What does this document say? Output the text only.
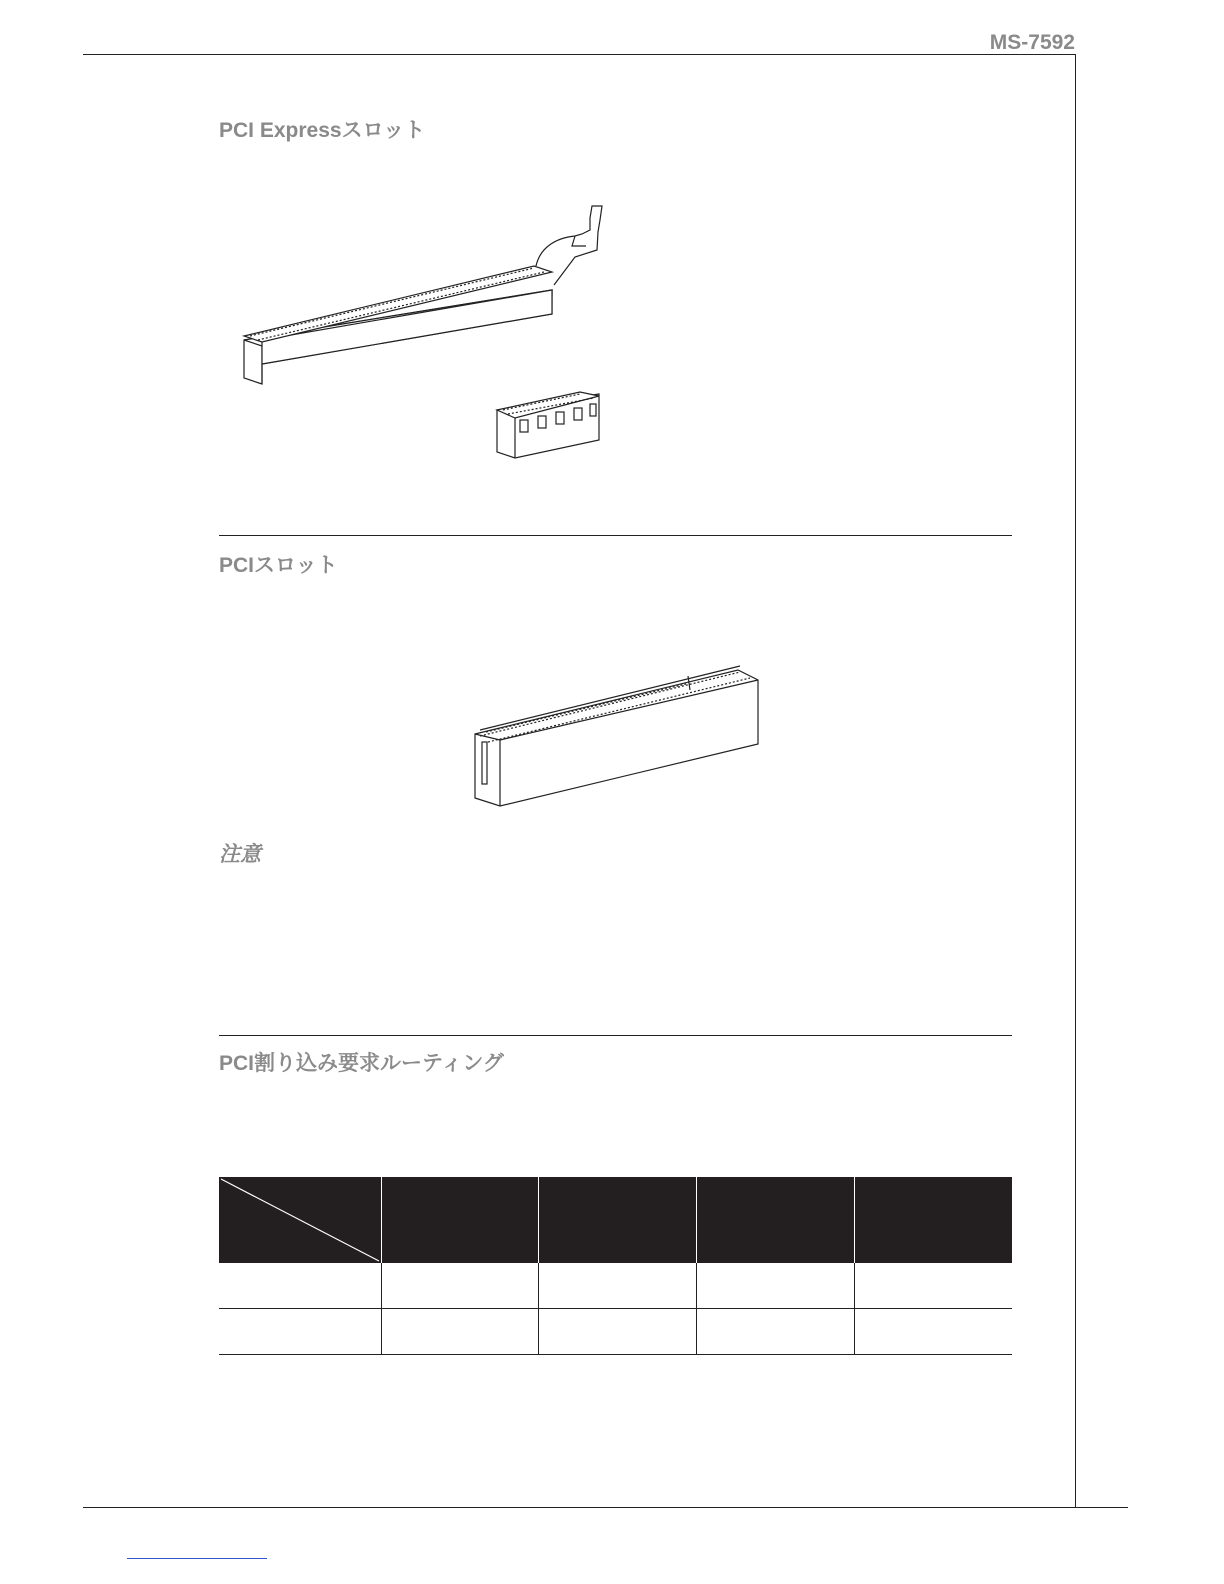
MS-7592
PCI Expressスロット
PCIスロット
注意
PCI割り込み要求ルーティング
